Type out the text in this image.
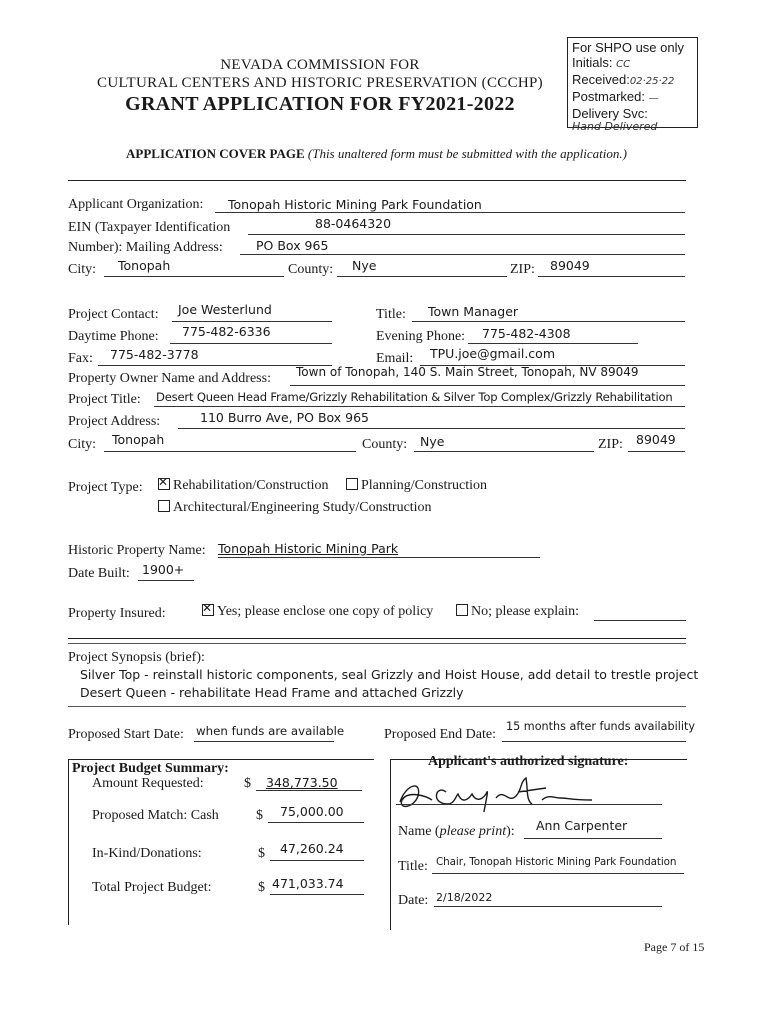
NEVADA COMMISSION FOR
CULTURAL CENTERS AND HISTORIC PRESERVATION (CCCHP)
GRANT APPLICATION FOR FY2021-2022
For SHPO use only
Initials: CC
Received:02·25·22
Postmarked: —
Delivery Svc:
Hand Delivered
APPLICATION COVER PAGE (This unaltered form must be submitted with the application.)
Applicant Organization: Tonopah Historic Mining Park Foundation
EIN (Taxpayer Identification	88-0464320
Number): Mailing Address:	PO Box 965
City: Tonopah	County: Nye	ZIP: 89049
Project Contact: Joe Westerlund	Title: Town Manager
Daytime Phone: 775-482-6336	Evening Phone: 775-482-4308
Fax: 775-482-3778	Email: TPU.joe@gmail.com
Property Owner Name and Address: Town of Tonopah, 140 S. Main Street, Tonopah, NV 89049
Project Title: Desert Queen Head Frame/Grizzly Rehabilitation & Silver Top Complex/Grizzly Rehabilitation
Project Address:	110 Burro Ave, PO Box 965
City: Tonopah	County: Nye	ZIP: 89049
Project Type: ✕	Rehabilitation/Construction	Planning/Construction
Architectural/Engineering Study/Construction
Historic Property Name: Tonopah Historic Mining Park
Date Built: 1900+
Property Insured: ✕	Yes; please enclose one copy of policy	No; please explain:
Project Synopsis (brief):
Silver Top - reinstall historic components, seal Grizzly and Hoist House, add detail to trestle project
Desert Queen - rehabilitate Head Frame and attached Grizzly
Proposed Start Date: when funds are available	Proposed End Date:
15 months after funds availability
Project Budget Summary:
Amount Requested:	$ 348,773.50
Proposed Match: Cash	$ 75,000.00
In-Kind/Donations:	$ 47,260.24
Total Project Budget:	$ 471,033.74
Applicant's authorized signature:
Name (please print): Ann Carpenter
Title: Chair, Tonopah Historic Mining Park Foundation
Date: 2/18/2022
Page 7 of 15
